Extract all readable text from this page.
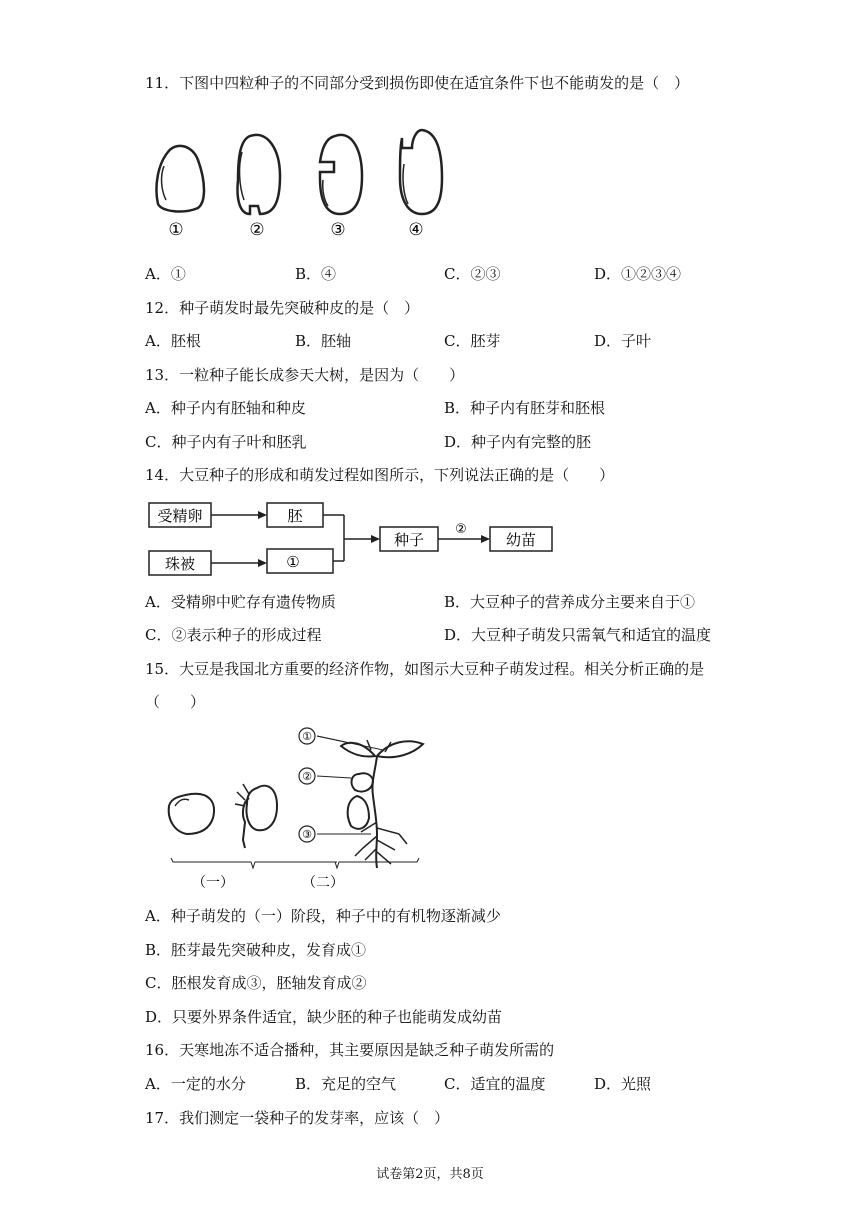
11．下图中四粒种子的不同部分受到损伤即使在适宜条件下也不能萌发的是（　）
①	②	③	④
A．①	B．④	C．②③	D．①②③④
12．种子萌发时最先突破种皮的是（　）
A．胚根	B．胚轴	C．胚芽	D．子叶
13．一粒种子能长成参天大树，是因为（　　）
A．种子内有胚轴和种皮	B．种子内有胚芽和胚根
C．种子内有子叶和胚乳	D．种子内有完整的胚
14．大豆种子的形成和萌发过程如图所示，下列说法正确的是（　　）
受精卵	胚
珠被	①
种子
②
幼苗
A．受精卵中贮存有遗传物质	B．大豆种子的营养成分主要来自于①
C．②表示种子的形成过程	D．大豆种子萌发只需氧气和适宜的温度
15．大豆是我国北方重要的经济作物，如图示大豆种子萌发过程。相关分析正确的是
（　　）
①
②
③
（一）	（二）
A．种子萌发的（一）阶段，种子中的有机物逐渐减少
B．胚芽最先突破种皮，发育成①
C．胚根发育成③，胚轴发育成②
D．只要外界条件适宜，缺少胚的种子也能萌发成幼苗
16．天寒地冻不适合播种，其主要原因是缺乏种子萌发所需的
A．一定的水分	B．充足的空气	C．适宜的温度	D．光照
17．我们测定一袋种子的发芽率，应该（　）
试卷第2页，共8页
